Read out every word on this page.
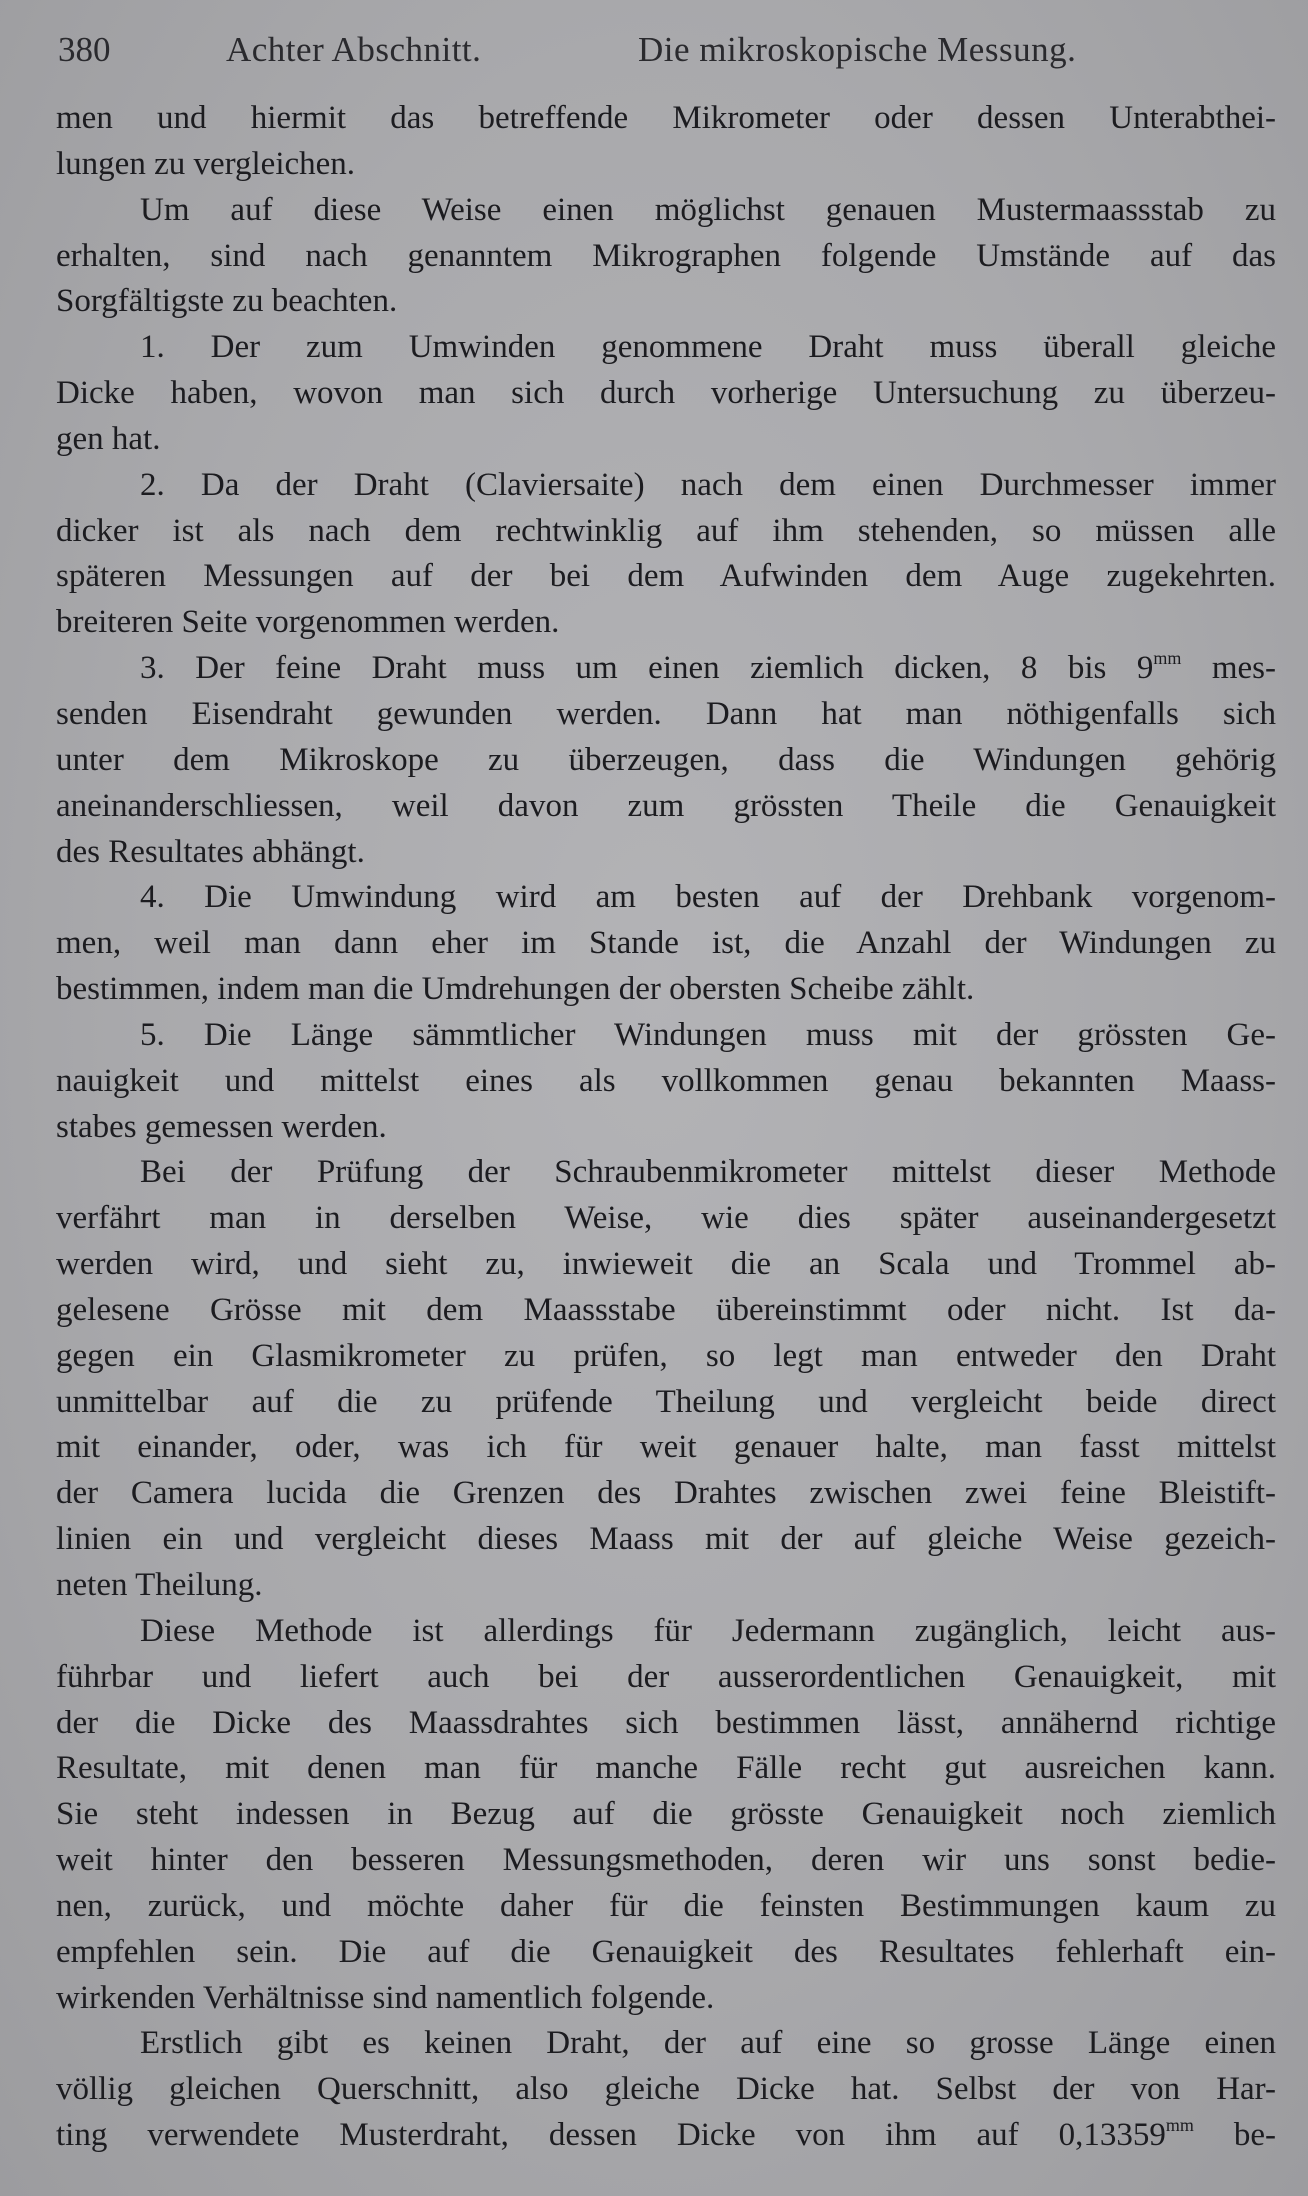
380	Achter Abschnitt.	Die mikroskopische Messung.
men und hiermit das betreffende Mikrometer oder dessen Unterabthei-
lungen zu vergleichen.
Um auf diese Weise einen möglichst genauen Mustermaassstab zu
erhalten, sind nach genanntem Mikrographen folgende Umstände auf das
Sorgfältigste zu beachten.
1. Der zum Umwinden genommene Draht muss überall gleiche
Dicke haben, wovon man sich durch vorherige Untersuchung zu überzeu-
gen hat.
2. Da der Draht (Claviersaite) nach dem einen Durchmesser immer
dicker ist als nach dem rechtwinklig auf ihm stehenden, so müssen alle
späteren Messungen auf der bei dem Aufwinden dem Auge zugekehrten.
breiteren Seite vorgenommen werden.
3. Der feine Draht muss um einen ziemlich dicken, 8 bis $9^{mm}$ mes-
senden Eisendraht gewunden werden. Dann hat man nöthigenfalls sich
unter dem Mikroskope zu überzeugen, dass die Windungen gehörig
aneinanderschliessen, weil davon zum grössten Theile die Genauigkeit
des Resultates abhängt.
4. Die Umwindung wird am besten auf der Drehbank vorgenom-
men, weil man dann eher im Stande ist, die Anzahl der Windungen zu
bestimmen, indem man die Umdrehungen der obersten Scheibe zählt.
5. Die Länge sämmtlicher Windungen muss mit der grössten Ge-
nauigkeit und mittelst eines als vollkommen genau bekannten Maass-
stabes gemessen werden.
Bei der Prüfung der Schraubenmikrometer mittelst dieser Methode
verfährt man in derselben Weise, wie dies später auseinandergesetzt
werden wird, und sieht zu, inwieweit die an Scala und Trommel ab-
gelesene Grösse mit dem Maassstabe übereinstimmt oder nicht. Ist da-
gegen ein Glasmikrometer zu prüfen, so legt man entweder den Draht
unmittelbar auf die zu prüfende Theilung und vergleicht beide direct
mit einander, oder, was ich für weit genauer halte, man fasst mittelst
der Camera lucida die Grenzen des Drahtes zwischen zwei feine Bleistift-
linien ein und vergleicht dieses Maass mit der auf gleiche Weise gezeich-
neten Theilung.
Diese Methode ist allerdings für Jedermann zugänglich, leicht aus-
führbar und liefert auch bei der ausserordentlichen Genauigkeit, mit
der die Dicke des Maassdrahtes sich bestimmen lässt, annähernd richtige
Resultate, mit denen man für manche Fälle recht gut ausreichen kann.
Sie steht indessen in Bezug auf die grösste Genauigkeit noch ziemlich
weit hinter den besseren Messungsmethoden, deren wir uns sonst bedie-
nen, zurück, und möchte daher für die feinsten Bestimmungen kaum zu
empfehlen sein. Die auf die Genauigkeit des Resultates fehlerhaft ein-
wirkenden Verhältnisse sind namentlich folgende.
Erstlich gibt es keinen Draht, der auf eine so grosse Länge einen
völlig gleichen Querschnitt, also gleiche Dicke hat. Selbst der von Har-
ting verwendete Musterdraht, dessen Dicke von ihm auf $0,13359^{mm}$ be-
